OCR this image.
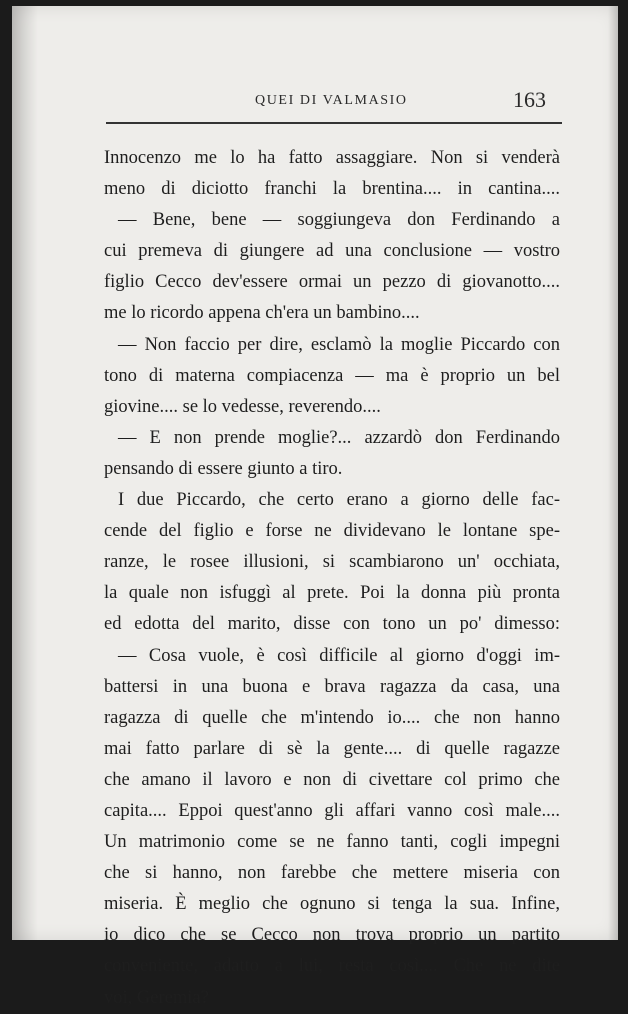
QUEI DI VALMASIO	163
Innocenzo me lo ha fatto assaggiare. Non si venderà
meno di diciotto franchi la brentina.... in cantina....
— Bene, bene — soggiungeva don Ferdinando a
cui premeva di giungere ad una conclusione — vostro
figlio Cecco dev'essere ormai un pezzo di giovanotto....
me lo ricordo appena ch'era un bambino....
— Non faccio per dire, esclamò la moglie Piccardo con
tono di materna compiacenza — ma è proprio un bel
giovine.... se lo vedesse, reverendo....
— E non prende moglie?... azzardò don Ferdinando
pensando di essere giunto a tiro.
I due Piccardo, che certo erano a giorno delle fac-
cende del figlio e forse ne dividevano le lontane spe-
ranze, le rosee illusioni, si scambiarono un' occhiata,
la quale non isfuggì al prete. Poi la donna più pronta
ed edotta del marito, disse con tono un po' dimesso:
— Cosa vuole, è così difficile al giorno d'oggi im-
battersi in una buona e brava ragazza da casa, una
ragazza di quelle che m'intendo io.... che non hanno
mai fatto parlare di sè la gente.... di quelle ragazze
che amano il lavoro e non di civettare col primo che
capita.... Eppoi quest'anno gli affari vanno così male....
Un matrimonio come se ne fanno tanti, cogli impegni
che si hanno, non farebbe che mettere miseria con
miseria. È meglio che ognuno si tenga la sua. Infine,
io dico che se Cecco non trova proprio un partito
conveniente, adatto a lui, resta così.... Che ne dite
voi, Geremia?
